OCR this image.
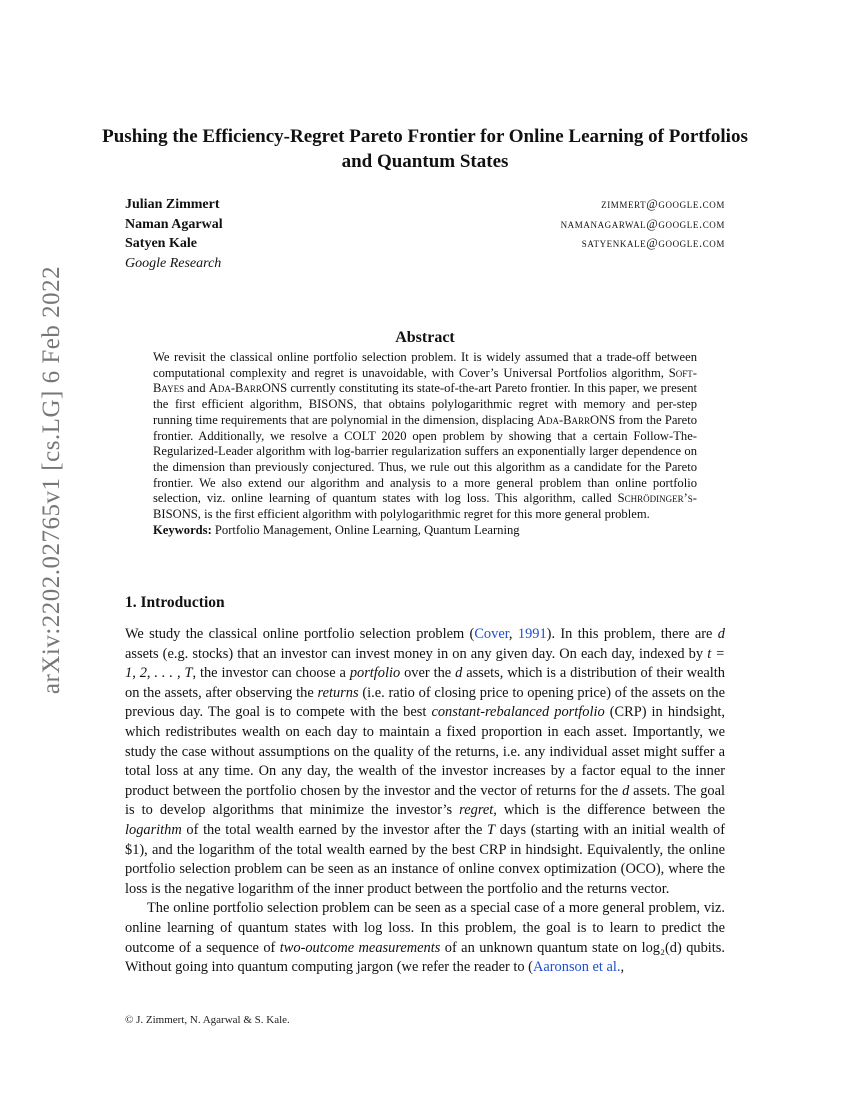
arXiv:2202.02765v1 [cs.LG] 6 Feb 2022
Pushing the Efficiency-Regret Pareto Frontier for Online Learning of Portfolios and Quantum States
Julian Zimmert	zimmert@google.com
Naman Agarwal	namanagarwal@google.com
Satyen Kale	satyenkale@google.com
Google Research
Abstract
We revisit the classical online portfolio selection problem. It is widely assumed that a trade-off between computational complexity and regret is unavoidable, with Cover’s Universal Portfolios algorithm, Soft-Bayes and Ada-BarrONS currently constituting its state-of-the-art Pareto frontier. In this paper, we present the first efficient algorithm, BISONS, that obtains polylogarithmic regret with memory and per-step running time requirements that are polynomial in the dimension, displacing Ada-BarrONS from the Pareto frontier. Additionally, we resolve a COLT 2020 open problem by showing that a certain Follow-The-Regularized-Leader algorithm with log-barrier regularization suffers an exponentially larger dependence on the dimension than previously conjectured. Thus, we rule out this algorithm as a candidate for the Pareto frontier. We also extend our algorithm and analysis to a more general problem than online portfolio selection, viz. online learning of quantum states with log loss. This algorithm, called Schrödinger’s-BISONS, is the first efficient algorithm with polylogarithmic regret for this more general problem.
Keywords: Portfolio Management, Online Learning, Quantum Learning
1. Introduction

We study the classical online portfolio selection problem (Cover, 1991). In this problem, there are d assets (e.g. stocks) that an investor can invest money in on any given day. On each day, indexed by t = 1, 2, . . . , T, the investor can choose a portfolio over the d assets, which is a distribution of their wealth on the assets, after observing the returns (i.e. ratio of closing price to opening price) of the assets on the previous day. The goal is to compete with the best constant-rebalanced portfolio (CRP) in hindsight, which redistributes wealth on each day to maintain a fixed proportion in each asset. Importantly, we study the case without assumptions on the quality of the returns, i.e. any individual asset might suffer a total loss at any time. On any day, the wealth of the investor increases by a factor equal to the inner product between the portfolio chosen by the investor and the vector of returns for the d assets. The goal is to develop algorithms that minimize the investor’s regret, which is the difference between the logarithm of the total wealth earned by the investor after the T days (starting with an initial wealth of $1), and the logarithm of the total wealth earned by the best CRP in hindsight. Equivalently, the online portfolio selection problem can be seen as an instance of online convex optimization (OCO), where the loss is the negative logarithm of the inner product between the portfolio and the returns vector.

The online portfolio selection problem can be seen as a special case of a more general problem, viz. online learning of quantum states with log loss. In this problem, the goal is to learn to predict the outcome of a sequence of two-outcome measurements of an unknown quantum state on log₂(d) qubits. Without going into quantum computing jargon (we refer the reader to (Aaronson et al.,

© J. Zimmert, N. Agarwal & S. Kale.
